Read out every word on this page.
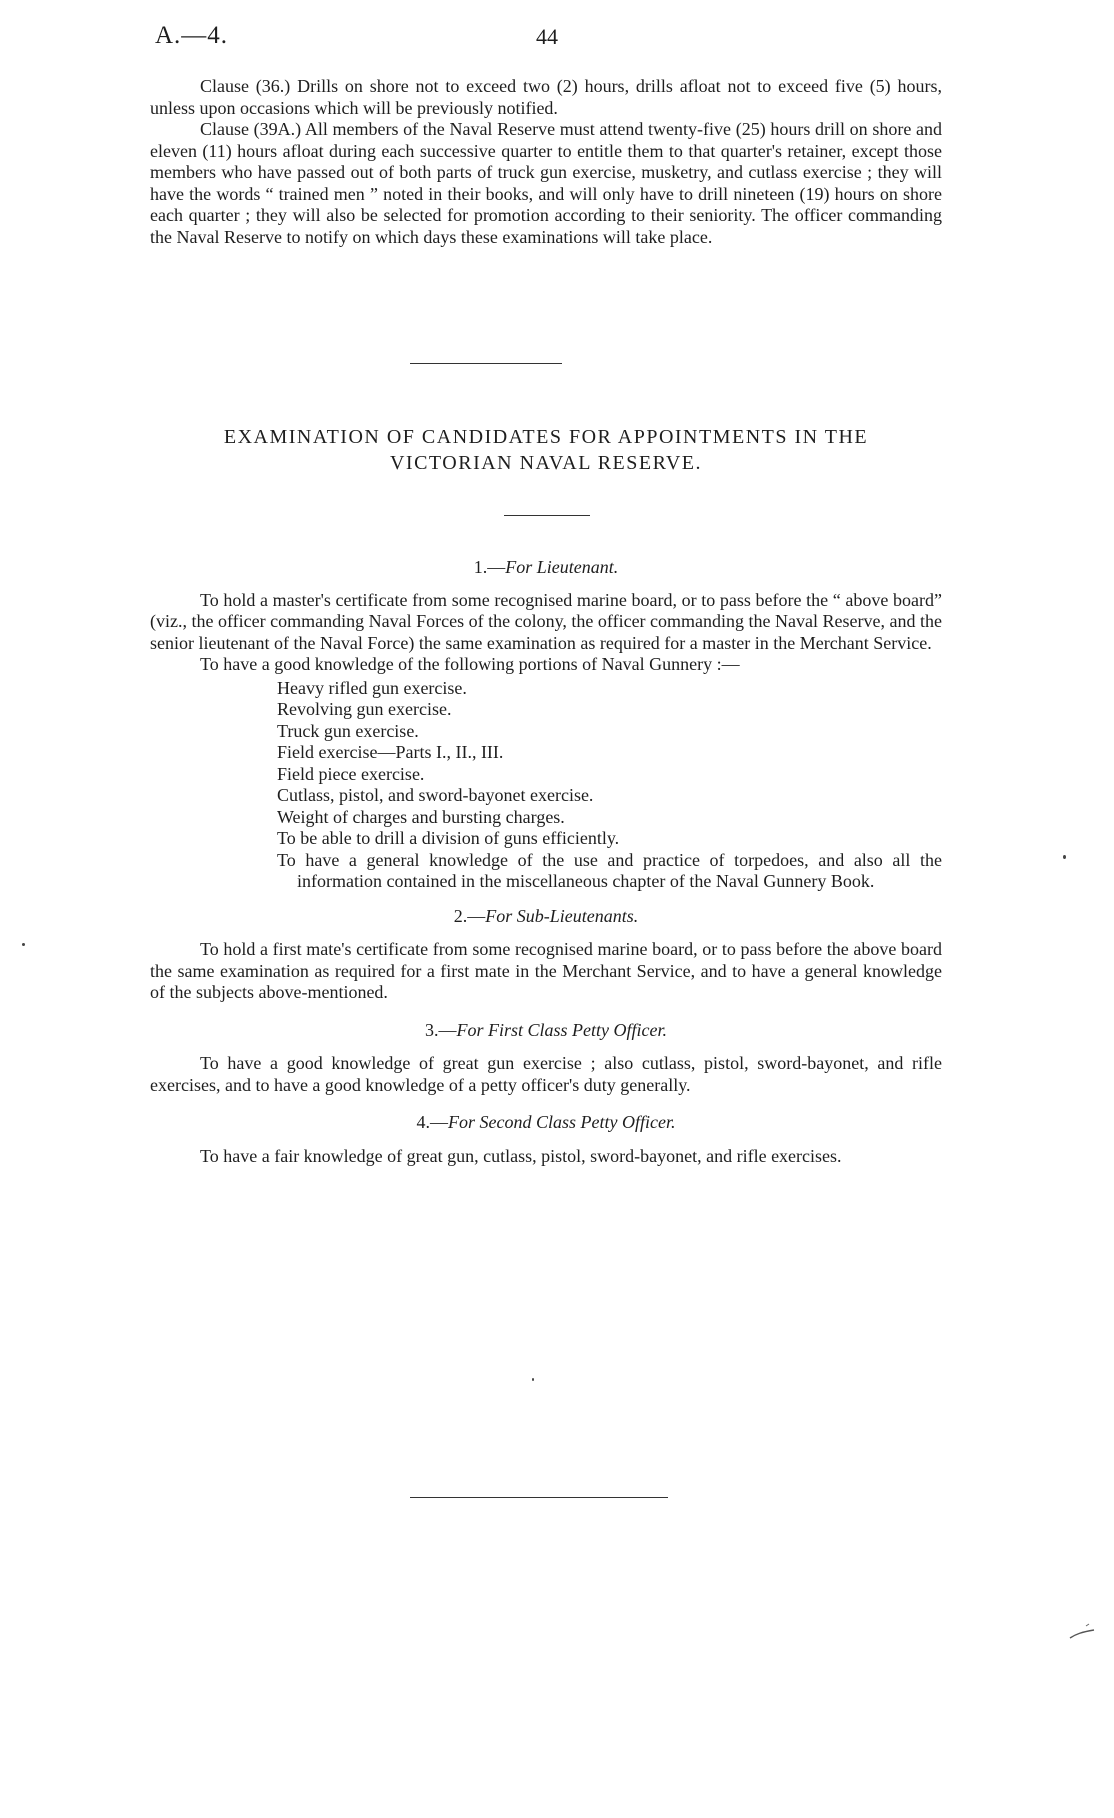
A.—4.	44

Clause (36.) Drills on shore not to exceed two (2) hours, drills afloat not to exceed five (5) hours, unless upon occasions which will be previously notified.

Clause (39A.) All members of the Naval Reserve must attend twenty-five (25) hours drill on shore and eleven (11) hours afloat during each successive quarter to entitle them to that quarter's retainer, except those members who have passed out of both parts of truck gun exercise, musketry, and cutlass exercise ; they will have the words “ trained men ” noted in their books, and will only have to drill nineteen (19) hours on shore each quarter ; they will also be selected for promotion according to their seniority. The officer commanding the Naval Reserve to notify on which days these examinations will take place.

EXAMINATION OF CANDIDATES FOR APPOINTMENTS IN THE
VICTORIAN NAVAL RESERVE.

1.—For Lieutenant.

To hold a master's certificate from some recognised marine board, or to pass before the “ above board” (viz., the officer commanding Naval Forces of the colony, the officer commanding the Naval Reserve, and the senior lieutenant of the Naval Force) the same examination as required for a master in the Merchant Service.

To have a good knowledge of the following portions of Naval Gunnery :—

Heavy rifled gun exercise.
Revolving gun exercise.
Truck gun exercise.
Field exercise—Parts I., II., III.
Field piece exercise.
Cutlass, pistol, and sword-bayonet exercise.
Weight of charges and bursting charges.
To be able to drill a division of guns efficiently.
To have a general knowledge of the use and practice of torpedoes, and also all the information contained in the miscellaneous chapter of the Naval Gunnery Book.

2.—For Sub-Lieutenants.

To hold a first mate's certificate from some recognised marine board, or to pass before the above board the same examination as required for a first mate in the Merchant Service, and to have a general knowledge of the subjects above-mentioned.

3.—For First Class Petty Officer.

To have a good knowledge of great gun exercise ; also cutlass, pistol, sword-bayonet, and rifle exercises, and to have a good knowledge of a petty officer's duty generally.

4.—For Second Class Petty Officer.

To have a fair knowledge of great gun, cutlass, pistol, sword-bayonet, and rifle exercises.
